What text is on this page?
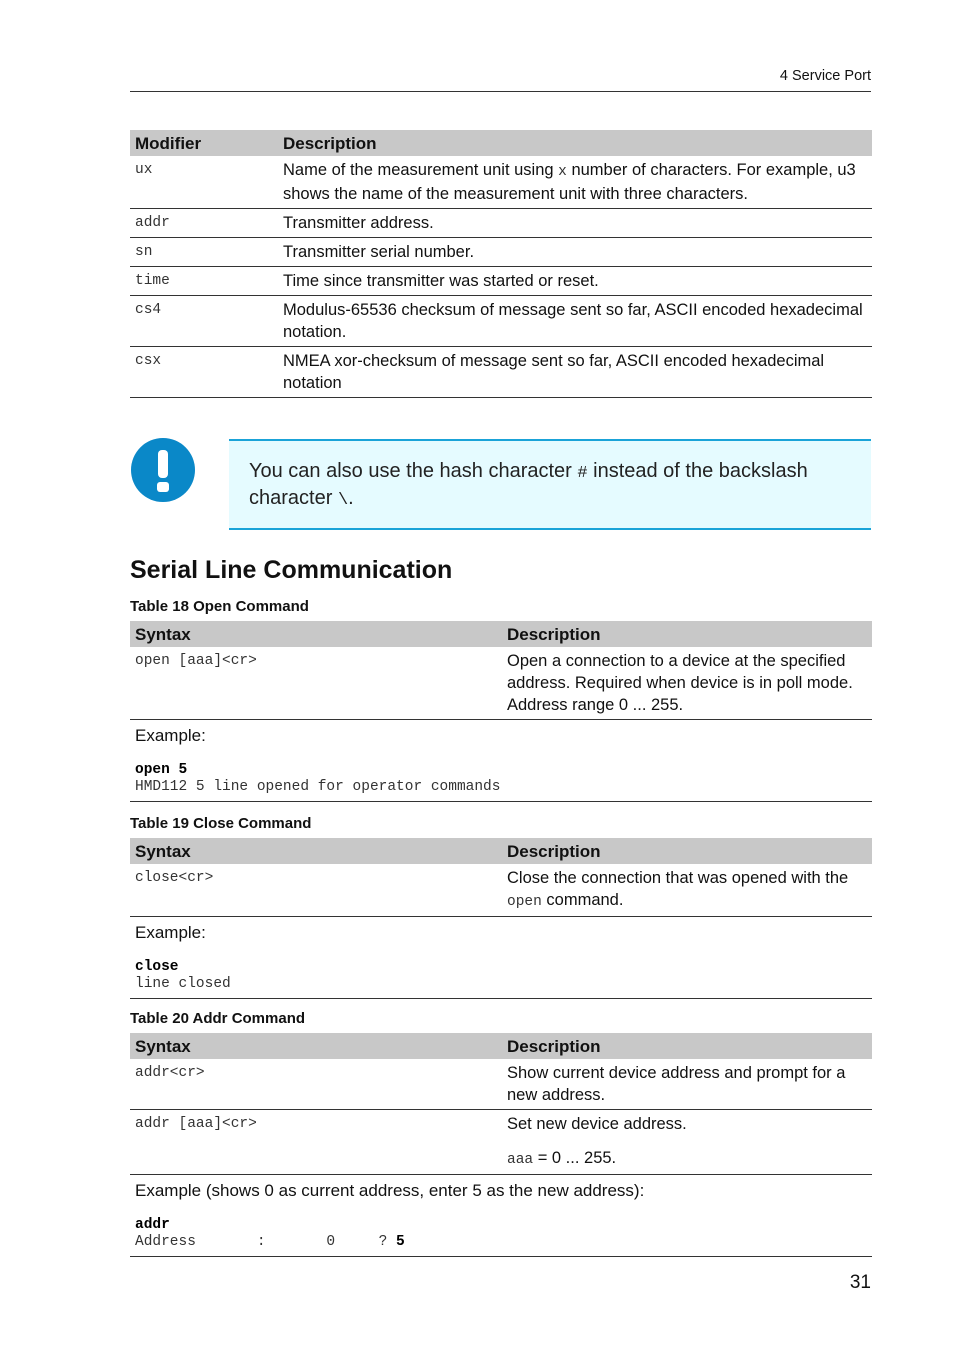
4 Service Port
Modifier	Description
ux	Name of the measurement unit using x number of characters. For example, u3 shows the name of the measurement unit with three characters.
addr	Transmitter address.
sn	Transmitter serial number.
time	Time since transmitter was started or reset.
cs4	Modulus-65536 checksum of message sent so far, ASCII encoded hexadecimal notation.
csx	NMEA xor-checksum of message sent so far, ASCII encoded hexadecimal notation
You can also use the hash character # instead of the backslash character \.
Serial Line Communication
Table 18 Open Command
Syntax	Description
open [aaa]<cr>	Open a connection to a device at the specified address. Required when device is in poll mode. Address range 0 ... 255.

Example:
open 5
HMD112 5 line opened for operator commands	
Table 19 Close Command
Syntax	Description
close<cr>	Close the connection that was opened with the open command.

Example:
close
line closed	
Table 20 Addr Command
Syntax	Description
addr<cr>	Show current device address and prompt for a new address.
addr [aaa]<cr>	Set new device address.
aaa = 0 ... 255.

Example (shows 0 as current address, enter 5 as the new address):
addr
Address       :       0     ? 5	
31
